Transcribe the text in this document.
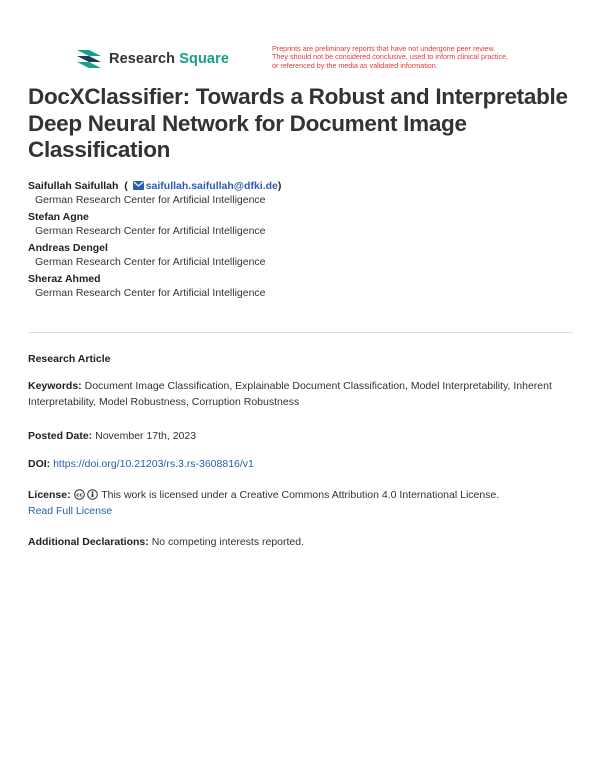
Research Square
Preprints are preliminary reports that have not undergone peer review.
They should not be considered conclusive, used to inform clinical practice,
or referenced by the media as validated information.
DocXClassifier: Towards a Robust and Interpretable Deep Neural Network for Document Image Classification
Saifullah Saifullah  ( saifullah.saifullah@dfki.de)
German Research Center for Artificial Intelligence
Stefan Agne
German Research Center for Artificial Intelligence
Andreas Dengel
German Research Center for Artificial Intelligence
Sheraz Ahmed
German Research Center for Artificial Intelligence
Research Article
Keywords: Document Image Classification, Explainable Document Classification, Model Interpretability, Inherent Interpretability, Model Robustness, Corruption Robustness
Posted Date: November 17th, 2023
DOI: https://doi.org/10.21203/rs.3.rs-3608816/v1
License: cc This work is licensed under a Creative Commons Attribution 4.0 International License.
Read Full License
Additional Declarations: No competing interests reported.
